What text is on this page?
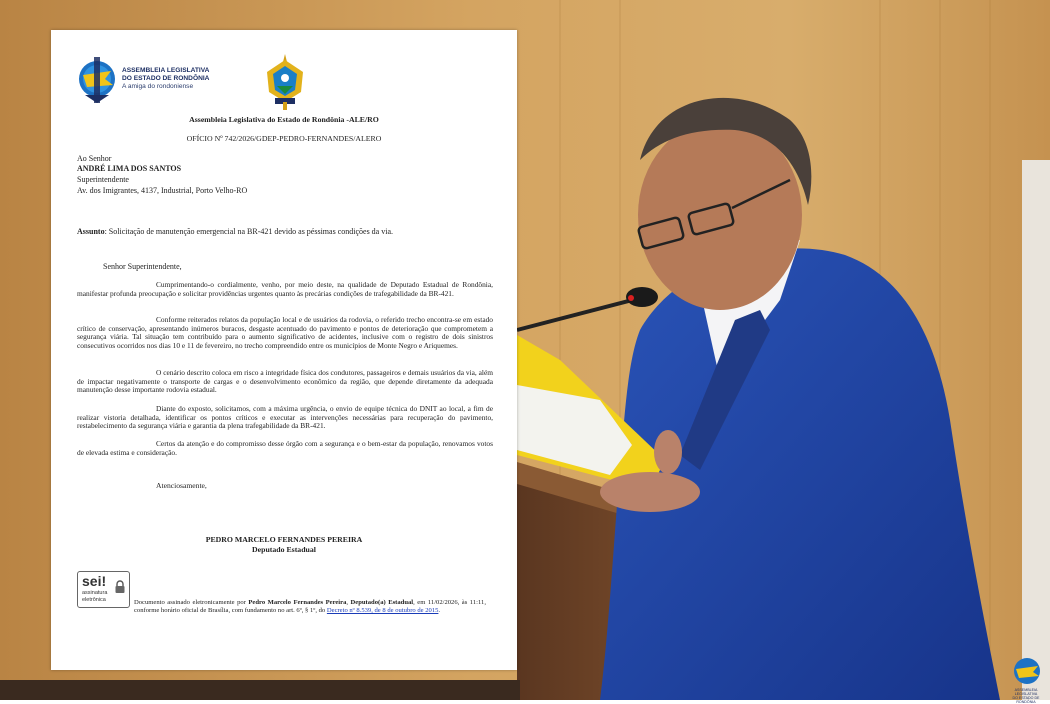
ASSEMBLEIA LEGISLATIVA
DO ESTADO DE RONDÔNIA
A amiga do rondoniense
Assembleia Legislativa do Estado de Rondônia -ALE/RO
OFÍCIO Nº 742/2026/GDEP-PEDRO-FERNANDES/ALERO
Ao Senhor
ANDRÉ LIMA DOS SANTOS
Superintendente
Av. dos Imigrantes, 4137, Industrial, Porto Velho-RO
Assunto: Solicitação de manutenção emergencial na BR-421 devido as péssimas condições da via.
Senhor Superintendente,

Cumprimentando-o cordialmente, venho, por meio deste, na qualidade de Deputado Estadual de Rondônia, manifestar profunda preocupação e solicitar providências urgentes quanto às precárias condições de trafegabilidade da BR-421.

Conforme reiterados relatos da população local e de usuários da rodovia, o referido trecho encontra-se em estado crítico de conservação, apresentando inúmeros buracos, desgaste acentuado do pavimento e pontos de deterioração que comprometem a segurança viária. Tal situação tem contribuído para o aumento significativo de acidentes, inclusive com o registro de dois sinistros consecutivos ocorridos nos dias 10 e 11 de fevereiro, no trecho compreendido entre os municípios de Monte Negro e Ariquemes.

O cenário descrito coloca em risco a integridade física dos condutores, passageiros e demais usuários da via, além de impactar negativamente o transporte de cargas e o desenvolvimento econômico da região, que depende diretamente da adequada manutenção desse importante rodovia estadual.

Diante do exposto, solicitamos, com a máxima urgência, o envio de equipe técnica do DNIT ao local, a fim de realizar vistoria detalhada, identificar os pontos críticos e executar as intervenções necessárias para recuperação do pavimento, restabelecimento da segurança viária e garantia da plena trafegabilidade da BR-421.

Certos da atenção e do compromisso desse órgão com a segurança e o bem-estar da população, renovamos votos de elevada estima e consideração.

Atenciosamente,
PEDRO MARCELO FERNANDES PEREIRA
Deputado Estadual
sei!
assinatura
eletrônica	Documento assinado eletronicamente por Pedro Marcelo Fernandes Pereira, Deputado(a) Estadual, em 11/02/2026, às 11:11, conforme horário oficial de Brasília, com fundamento no art. 6º, § 1º, do Decreto nº 8.539, de 8 de outubro de 2015.

ASSEMBLEIA LEGISLATIVA
DO ESTADO DE RONDÔNIA
